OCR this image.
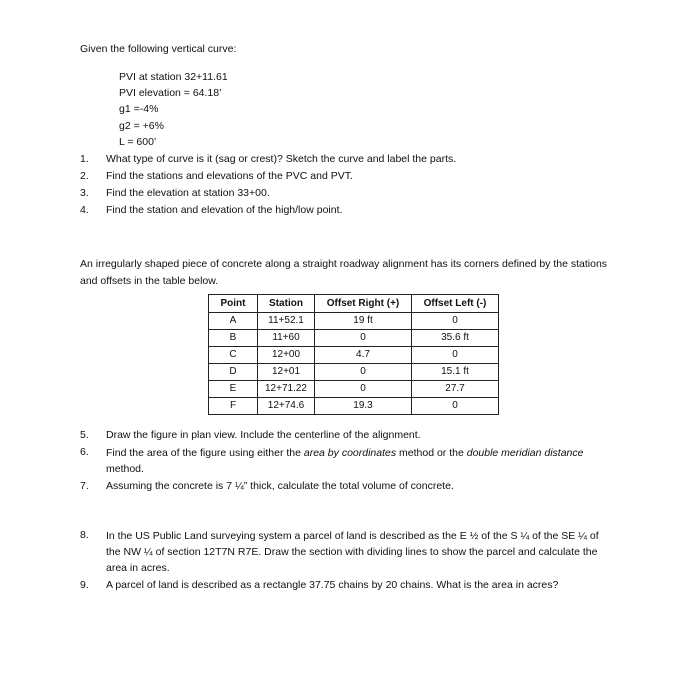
Given the following vertical curve:
PVI at station 32+11.61
PVI elevation = 64.18’
g1 =-4%
g2 = +6%
L = 600’
1.	What type of curve is it (sag or crest)? Sketch the curve and label the parts.
2.	Find the stations and elevations of the PVC and PVT.
3.	Find the elevation at station 33+00.
4.	Find the station and elevation of the high/low point.
An irregularly shaped piece of concrete along a straight roadway alignment has its corners defined by the stations and offsets in the table below.
Point	Station	Offset Right (+)	Offset Left (-)
A	11+52.1	19 ft	0
B	11+60	0	35.6 ft
C	12+00	4.7	0
D	12+01	0	15.1 ft
E	12+71.22	0	27.7
F	12+74.6	19.3	0
5.	Draw the figure in plan view. Include the centerline of the alignment.
6.	Find the area of the figure using either the area by coordinates method or the double meridian distance method.
7.	Assuming the concrete is 7 ¼” thick, calculate the total volume of concrete.
8.	In the US Public Land surveying system a parcel of land is described as the E ½ of the S ¼ of the SE ¼ of the NW ¼ of section 12T7N R7E. Draw the section with dividing lines to show the parcel and calculate the area in acres.
9.	A parcel of land is described as a rectangle 37.75 chains by 20 chains. What is the area in acres?
